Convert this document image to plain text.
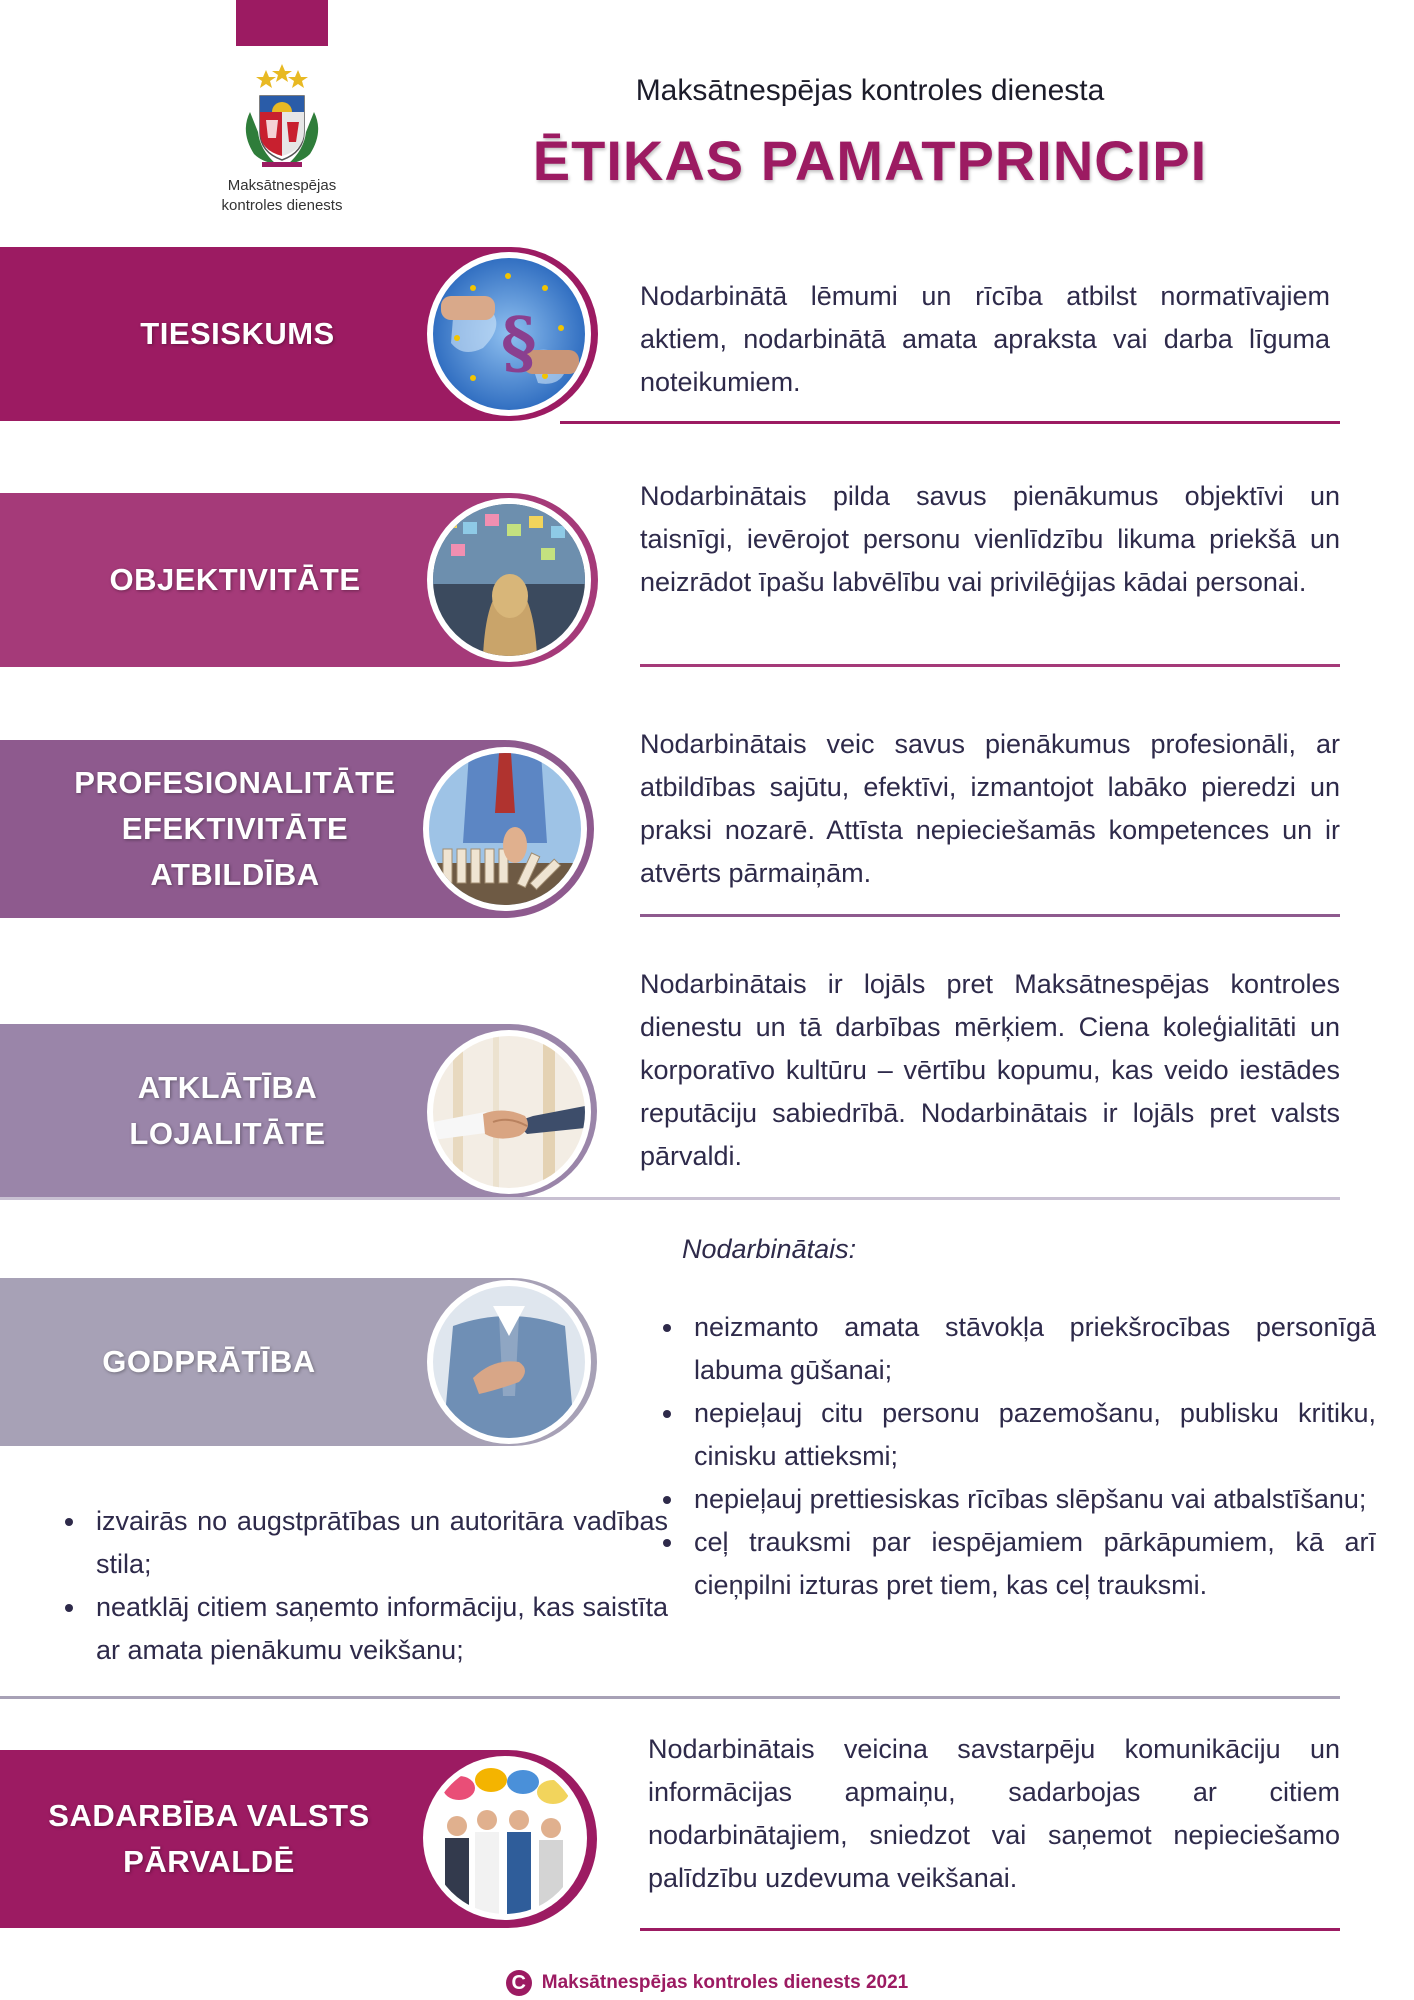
Maksātnespējas
kontroles dienests
Maksātnespējas kontroles dienesta
ĒTIKAS PAMATPRINCIPI
TIESISKUMS	§
Nodarbinātā lēmumi un rīcība atbilst normatīvajiem aktiem, nodarbinātā amata apraksta vai darba līguma noteikumiem.
OBJEKTIVITĀTE
Nodarbinātais pilda savus pienākumus objektīvi un taisnīgi, ievērojot personu vienlīdzību likuma priekšā un neizrādot īpašu labvēlību vai privilēģijas kādai personai.
PROFESIONALITĀTE
EFEKTIVITĀTE
ATBILDĪBA
Nodarbinātais veic savus pienākumus profesionāli, ar atbildības sajūtu, efektīvi, izmantojot labāko pieredzi un praksi nozarē. Attīsta nepieciešamās kompetences un ir atvērts pārmaiņām.
ATKLĀTĪBA
LOJALITĀTE
Nodarbinātais ir lojāls pret Maksātnespējas kontroles dienestu un tā darbības mērķiem. Ciena koleģialitāti un korporatīvo kultūru – vērtību kopumu, kas veido iestādes reputāciju sabiedrībā. Nodarbinātais ir lojāls pret valsts pārvaldi.
GODPRĀTĪBA
Nodarbinātais:
• neizmanto amata stāvokļa priekšrocības personīgā labuma gūšanai;
• nepieļauj citu personu pazemošanu, publisku kritiku, cinisku attieksmi;
• nepieļauj prettiesiskas rīcības slēpšanu vai atbalstīšanu;
• ceļ trauksmi par iespējamiem pārkāpumiem, kā arī cieņpilni izturas pret tiem, kas ceļ trauksmi.
• izvairās no augstprātības un autoritāra vadības stila;
• neatklāj citiem saņemto informāciju, kas saistīta ar amata pienākumu veikšanu;
SADARBĪBA VALSTS
PĀRVALDĒ
Nodarbinātais veicina savstarpēju komunikāciju un informācijas apmaiņu, sadarbojas ar citiem nodarbinātajiem, sniedzot vai saņemot nepieciešamo palīdzību uzdevuma veikšanai.
C Maksātnespējas kontroles dienests 2021
